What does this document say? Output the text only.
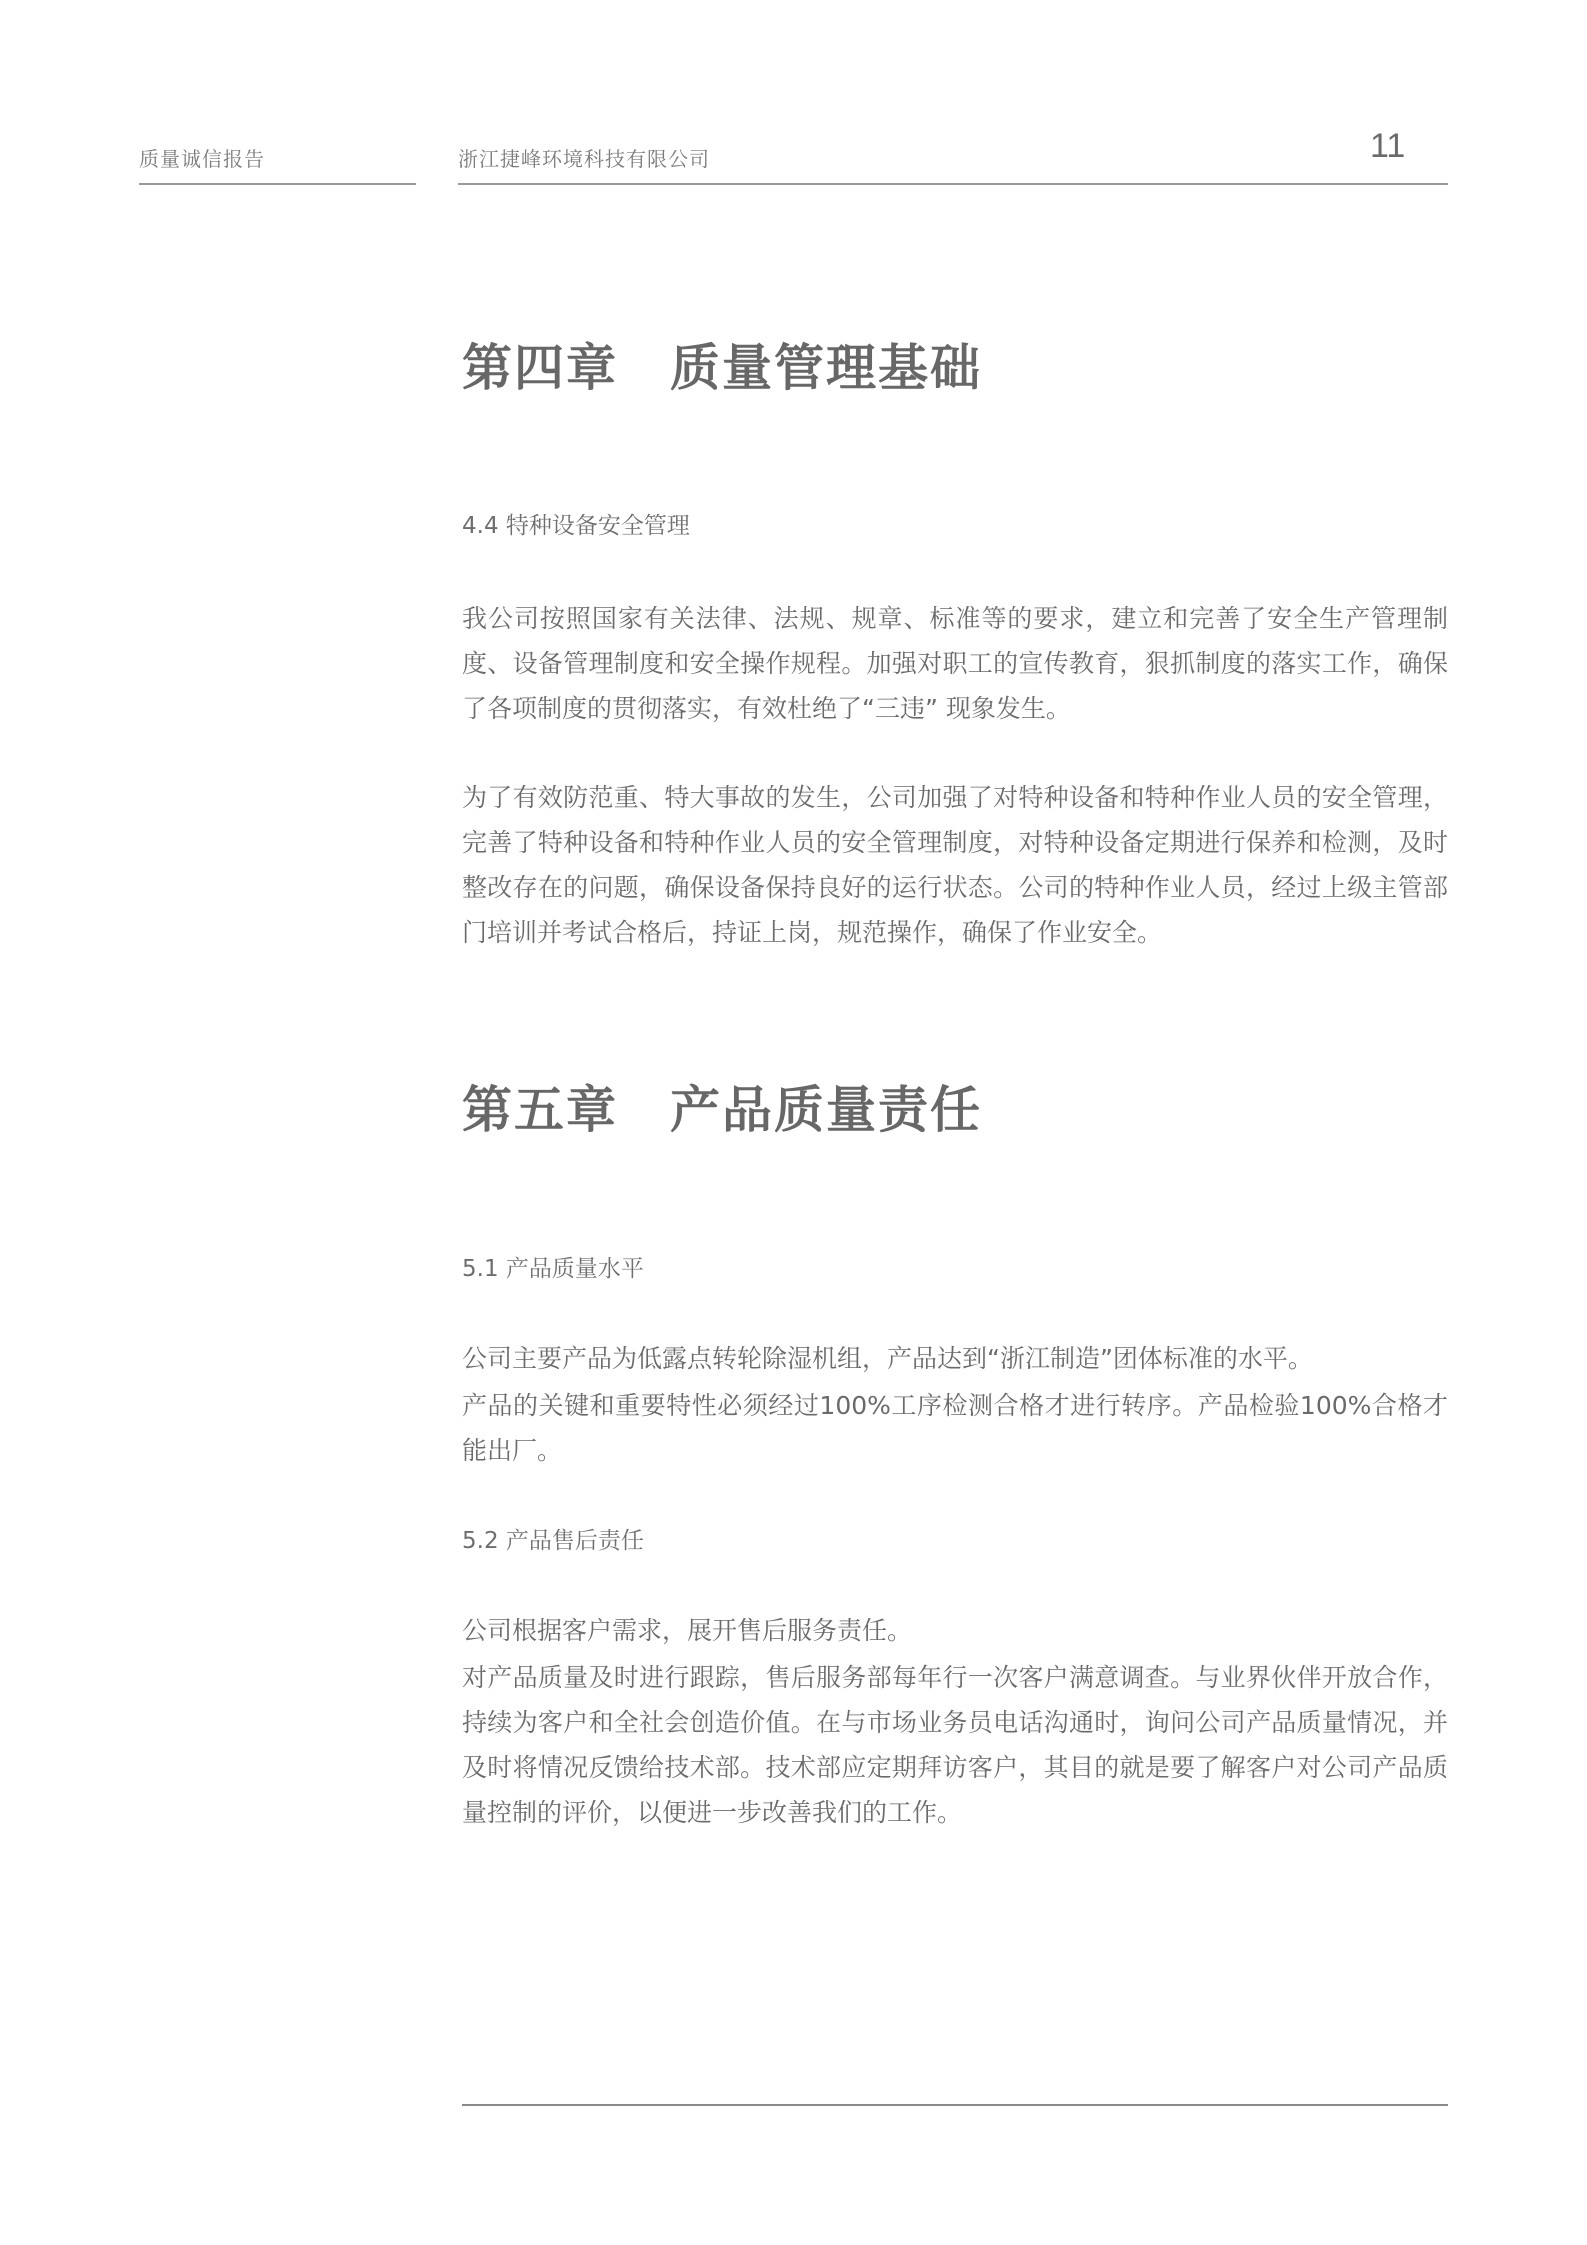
质量诚信报告	浙江捷峰环境科技有限公司	11
第四章　质量管理基础
4.4 特种设备安全管理

我公司按照国家有关法律、法规、规章、标准等的要求，建立和完善了安全生产管理制度、设备管理制度和安全操作规程。加强对职工的宣传教育，狠抓制度的落实工作，确保了各项制度的贯彻落实，有效杜绝了“三违” 现象发生。

为了有效防范重、特大事故的发生，公司加强了对特种设备和特种作业人员的安全管理，完善了特种设备和特种作业人员的安全管理制度，对特种设备定期进行保养和检测，及时整改存在的问题，确保设备保持良好的运行状态。公司的特种作业人员，经过上级主管部门培训并考试合格后，持证上岗，规范操作，确保了作业安全。

第五章　产品质量责任
5.1 产品质量水平

公司主要产品为低露点转轮除湿机组，产品达到“浙江制造”团体标准的水平。

产品的关键和重要特性必须经过100%工序检测合格才进行转序。产品检验100%合格才能出厂。

5.2 产品售后责任

公司根据客户需求，展开售后服务责任。

对产品质量及时进行跟踪，售后服务部每年行一次客户满意调查。与业界伙伴开放合作，持续为客户和全社会创造价值。在与市场业务员电话沟通时，询问公司产品质量情况，并及时将情况反馈给技术部。技术部应定期拜访客户，其目的就是要了解客户对公司产品质量控制的评价，以便进一步改善我们的工作。
